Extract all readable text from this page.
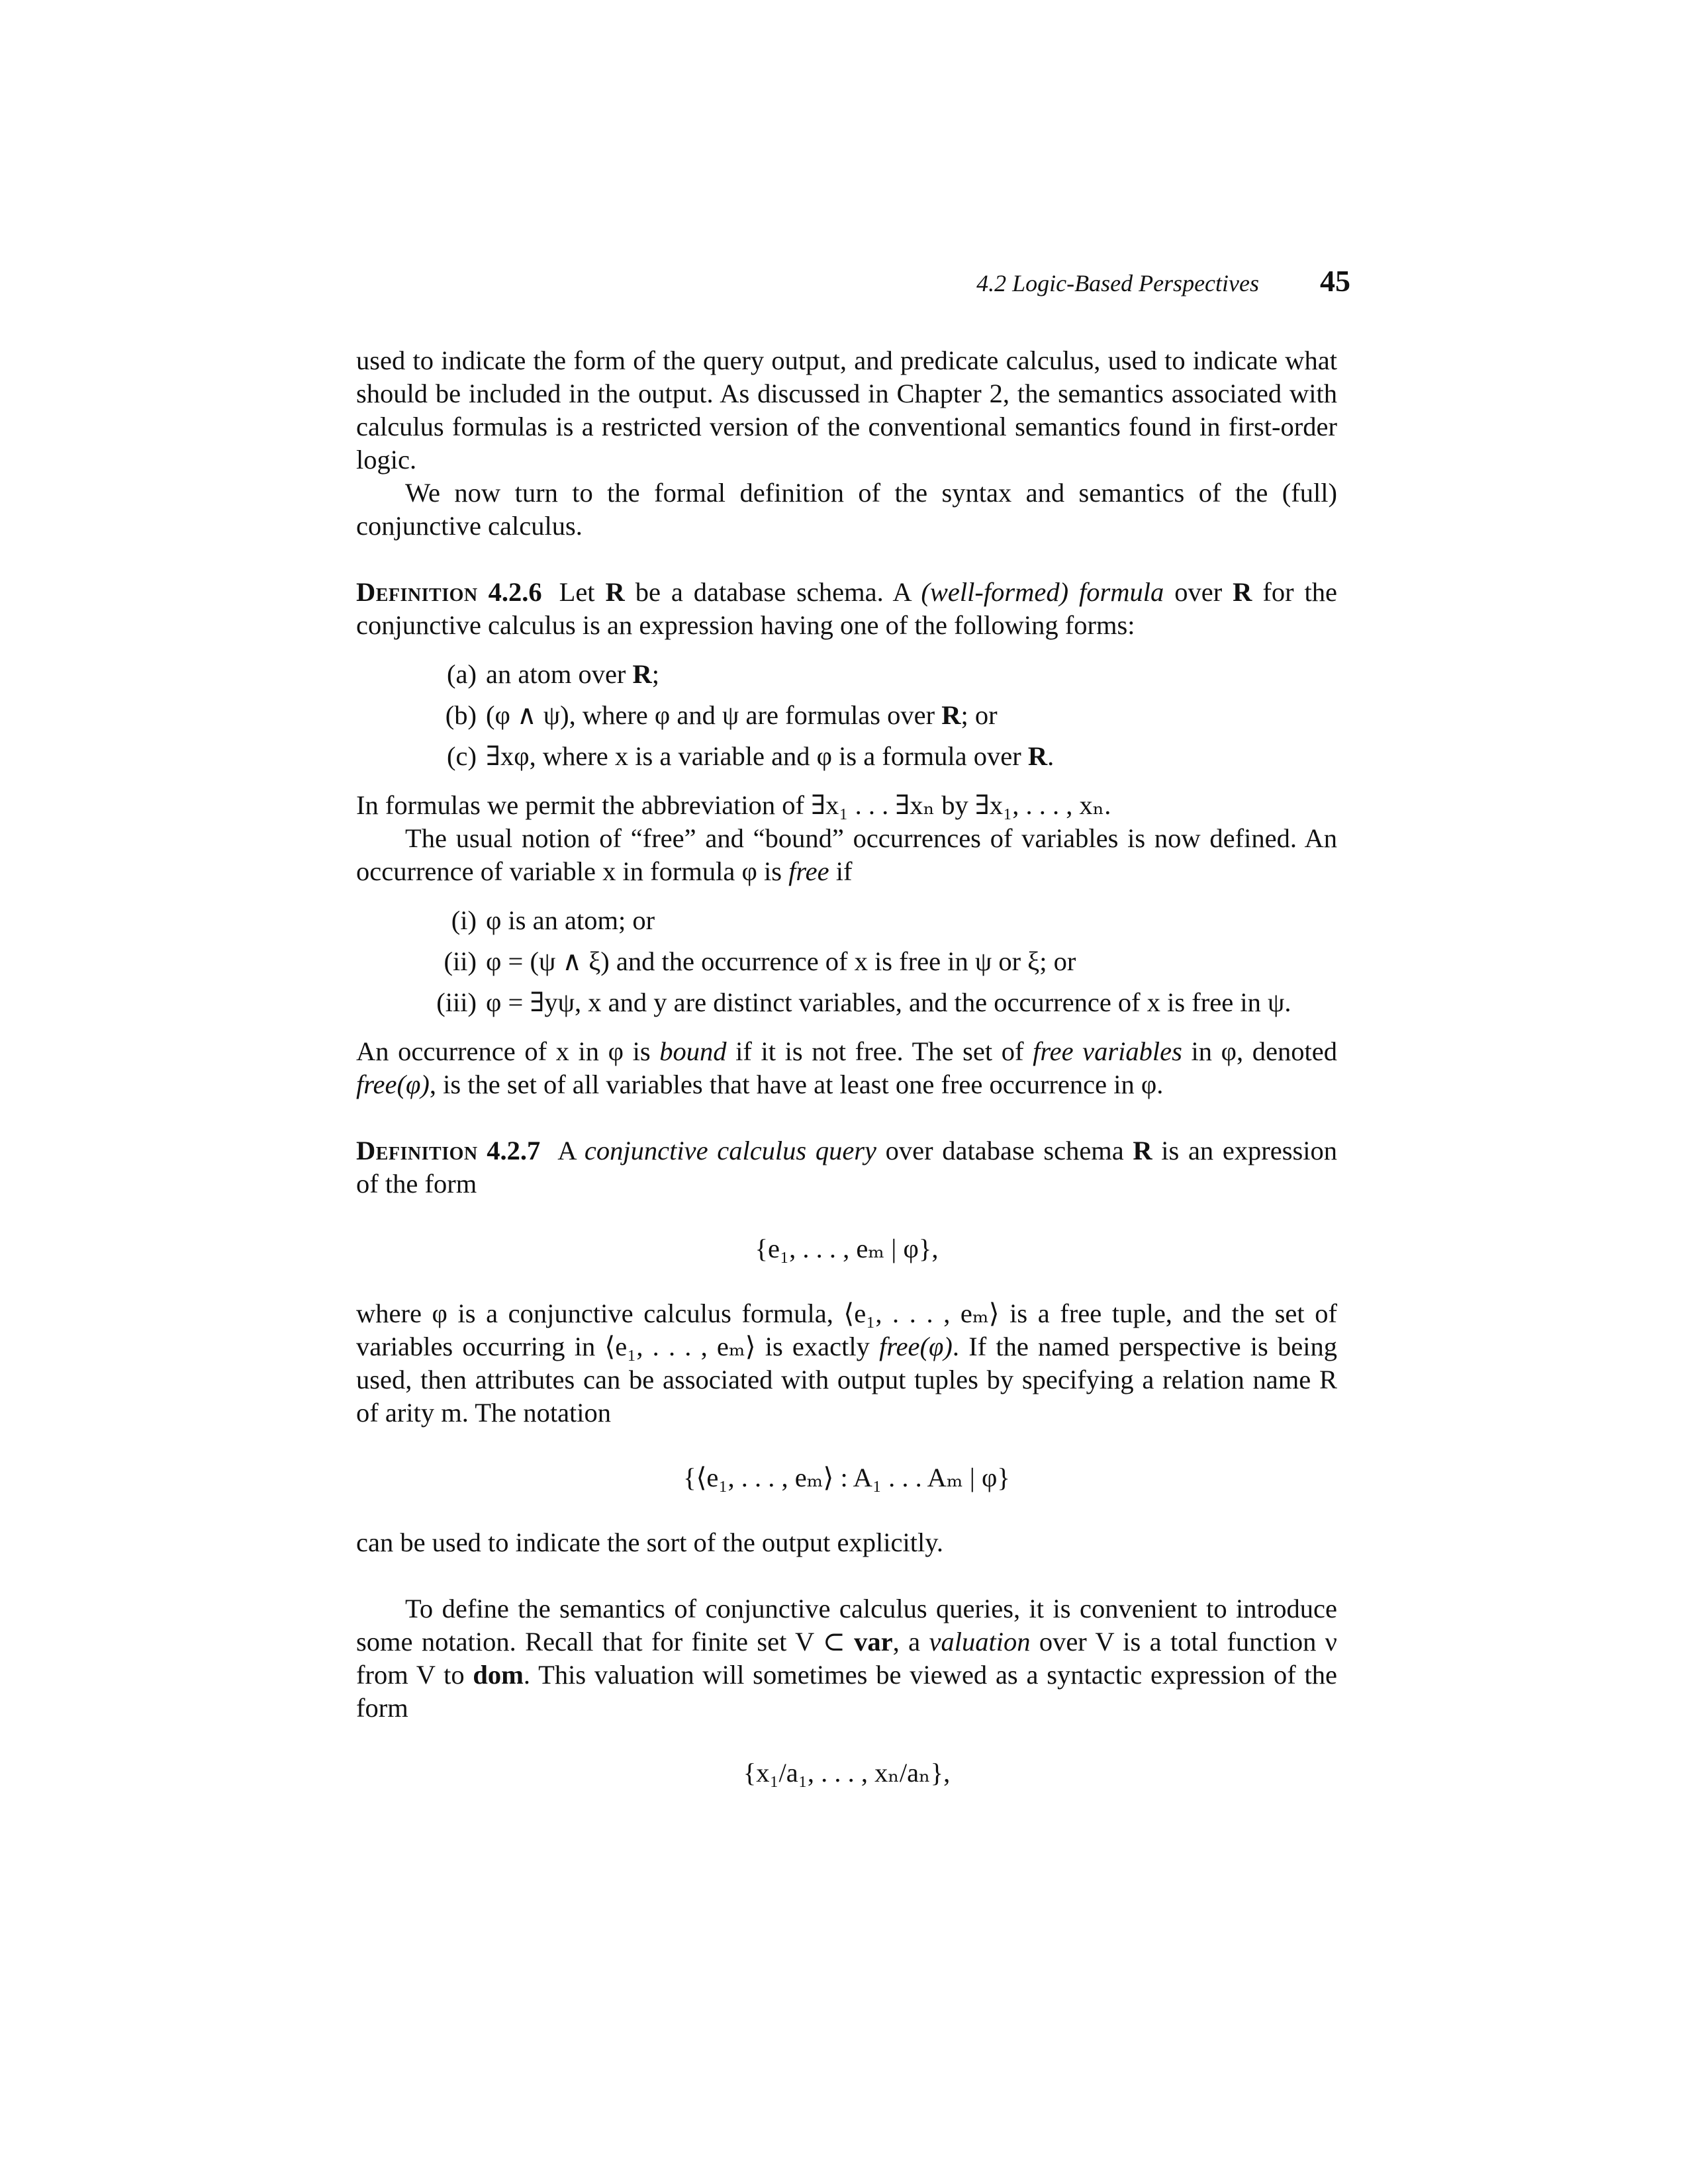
4.2 Logic-Based Perspectives 45

used to indicate the form of the query output, and predicate calculus, used to indicate what should be included in the output. As discussed in Chapter 2, the semantics associated with calculus formulas is a restricted version of the conventional semantics found in first-order logic.

We now turn to the formal definition of the syntax and semantics of the (full) conjunctive calculus.

Definition 4.2.6 Let R be a database schema. A (well-formed) formula over R for the conjunctive calculus is an expression having one of the following forms:

(a) an atom over R;
(b) (φ ∧ ψ), where φ and ψ are formulas over R; or
(c) ∃xφ, where x is a variable and φ is a formula over R.

In formulas we permit the abbreviation of ∃x₁ . . . ∃xₙ by ∃x₁, . . . , xₙ.

The usual notion of “free” and “bound” occurrences of variables is now defined. An occurrence of variable x in formula φ is free if

(i) φ is an atom; or
(ii) φ = (ψ ∧ ξ) and the occurrence of x is free in ψ or ξ; or
(iii) φ = ∃yψ, x and y are distinct variables, and the occurrence of x is free in ψ.

An occurrence of x in φ is bound if it is not free. The set of free variables in φ, denoted free(φ), is the set of all variables that have at least one free occurrence in φ.

Definition 4.2.7 A conjunctive calculus query over database schema R is an expression of the form

{e₁, . . . , eₘ | φ},

where φ is a conjunctive calculus formula, ⟨e₁, . . . , eₘ⟩ is a free tuple, and the set of variables occurring in ⟨e₁, . . . , eₘ⟩ is exactly free(φ). If the named perspective is being used, then attributes can be associated with output tuples by specifying a relation name R of arity m. The notation

{⟨e₁, . . . , eₘ⟩ : A₁ . . . Aₘ | φ}

can be used to indicate the sort of the output explicitly.

To define the semantics of conjunctive calculus queries, it is convenient to introduce some notation. Recall that for finite set V ⊂ var, a valuation over V is a total function ν from V to dom. This valuation will sometimes be viewed as a syntactic expression of the form

{x₁/a₁, . . . , xₙ/aₙ},
